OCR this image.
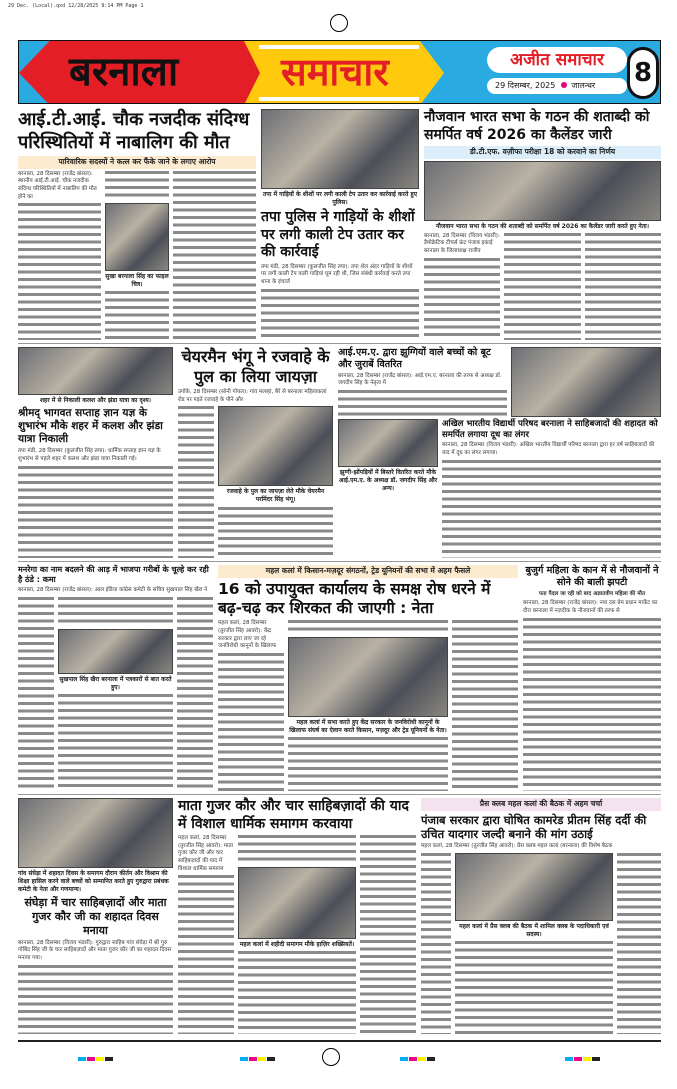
29 Dec. (Local).qxd 12/28/2025 9:14 PM Page 1
बरनाला	समाचार	अजीत समाचार
29 दिसम्बर, 2025 जालन्धर	8
आई.टी.आई. चौक नजदीक संदिग्ध परिस्थितियों में नाबालिग की मौत
पारिवारिक सदस्यों ने कत्ल कर फैंके जाने के लगाए आरोप
बरनाला, 28 दिसम्बर (राजेंद्र बांसल): स्थानीय आई.टी.आई. चौक नजदीक संदिग्ध परिस्थितियों में नाबालिग की मौत होने का
सुखा बरनाला सिंह का फाइल चित्र।
तपा में गाड़ियों के शीशों पर लगी काली टेप उतार कर कार्रवाई करते हुए पुलिस।
तपा पुलिस ने गाड़ियों के शीशों पर लगी काली टेप उतार कर की कार्रवाई
तपा मंडी, 28 दिसम्बर (कुलजीत सिंह तपा): तपा शेल अंदर गाड़ियों के शीशों पर लगी काली टेप वाली गाड़ियां घूम रही थी, जिस संबंधी कार्रवाई करते तपा थाना के इंचार्ज
नौजवान भारत सभा के गठन की शताब्दी को समर्पित वर्ष 2026 का कैलेंडर जारी
डी.टी.एफ. वज़ीफा परीक्षा 18 को करवाने का निर्णय
नौजवान भारत सभा के गठन की शताब्दी को समर्पित वर्ष 2026 का कैलेंडर जारी करते हुए नेता।
बरनाला, 28 दिसम्बर (विजय भंडारी): डैमोक्रेटिक टीचर्स फ्रंट पंजाब इकाई बरनाला के जिलाध्यक्ष राजीव
शहर में से निकाली कलश और झंडा यात्रा का दृश्य।
श्रीमद् भागवत सप्ताह ज्ञान यज्ञ के शुभारंभ मौके शहर में कलश और झंडा यात्रा निकाली
तपा मंडी, 28 दिसम्बर (कुलजीत सिंह तपा): धार्मिक सप्ताह ज्ञान यज्ञ के शुभारंभ से पहले शहर में कलश और झंडा यात्रा निकाली गई।
चेयरमैन भंगू ने रजवाहे के पुल का लिया जायज़ा
उगोके, 28 दिसम्बर (सोनी गोयल): गांव मल्ल्हां, बैरे से बरनाला महिलाकलां रोड पर पड़ते रजवाहे के पौने और
रजवाहे के पुल का जायज़ा लेते मौके चेयरमैन परमिंदर सिंह भंगू।
आई.एम.ए. द्वारा झुग्गियों वाले बच्चों को बूट और जुराबें वितरित
बरनाला, 28 दिसम्बर (राजेंद्र बांसल): आई.एम.ए. बरनाला की तरफ से अध्यक्ष डॉ. जगदीप सिंह के नेतृत्व में
झुग्गी-झोंपड़ियों में बिस्तरे वितरित करते मौके आई.एम.ए. के अध्यक्ष डॉ. जगदीप सिंह और अन्य।
अखिल भारतीय विद्यार्थी परिषद बरनाला ने साहिबजादों की शहादत को समर्पित लगाया दूध का लंगर
बरनाला, 28 दिसम्बर (विजय भंडारी): अखिल भारतीय विद्यार्थी परिषद बरनाला द्वारा हर वर्ष साहिबजादों की याद में दूध का लंगर लगाया।
मनरेगा का नाम बदलने की आड़ में भाजपा गरीबों के चूल्हे कर रही है ठंडे : कमा
बरनाला, 28 दिसम्बर (राजेंद्र बांसल): आल इंडिया कांग्रेस कमेटी के सचिव सुखपाल सिंह खैरा ने
सुखपाल सिंह खैरा बरनाला में पत्रकारों से बात करते हुए।
महल कलां में किसान-मज़दूर संगठनों, ट्रेड यूनियनों की सभा में अहम फैसले
16 को उपायुक्त कार्यालय के समक्ष रोष धरने में बढ़-चढ़ कर शिरकत की जाएगी : नेता
महल कलां, 28 दिसम्बर (तुरजीत सिंह आवरो): केंद्र सरकार द्वारा लाए जा रहे जनविरोधी कानूनों के खिलाफ
महल कलां में सभा करते हुए केंद्र सरकार के जनविरोधी कानूनों के खिलाफ संघर्ष का ऐलान करते किसान, मज़दूर और ट्रेड यूनियनों के नेता।
बुजुर्ग महिला के कान में से नौजवानों ने सोने की बाली झपटी
पता पैदल जा रही को बाद अज्ञातवीय महिला की मौत
बरनाला, 28 दिसम्बर (राजेंद्र बांसल): नया दस प्रेम प्रधान मार्केट का दौरा बरनाला में नज़दीक के नौजवानों की तरफ से
गांव संघेड़ा में शहादत दिवस के समागम दौरान कीर्तन और विश्राम की शिक्षा हासिल करने वाले बच्चों को सम्मानित करते हुए गुरुद्वारा प्रबंधक कमेटी के नेता और गणमान्य।
संघेड़ा में चार साहिबज़ादों और माता गुजर कौर जी का शहादत दिवस मनाया
बरनाला, 28 दिसम्बर (विजय भंडारी): गुरुद्वारा साहिब गांव संघेड़ा में श्री गुरु गोबिंद सिंह जी के चार साहिबज़ादों और माता गुजर कौर जी का शहादत दिवस मनाया गया।
माता गुजर कौर और चार साहिबज़ादों की याद में विशाल धार्मिक समागम करवाया
महल कलां, 28 दिसम्बर (तुरजीत सिंह आवरो): माता गुजर कौर जी और चार साहिबज़ादों की याद में विशाल धार्मिक समागम
महल कलां में शहीदी समागम मौके हाज़िर शख्सियतें।
प्रैस क्लब महल कलां की बैठक में अहम चर्चा
पंजाब सरकार द्वारा घोषित कामरेड प्रीतम सिंह दर्दी की उचित यादगार जल्दी बनाने की मांग उठाई
महल कलां, 28 दिसम्बर (तुरजीत सिंह आवरो): प्रैस क्लब महल कलां (बरनाला) की विशेष बैठक
महल कलां में प्रैस क्लब की बैठक में शामिल क्लब के पदाधिकारी एवं सदस्य।
